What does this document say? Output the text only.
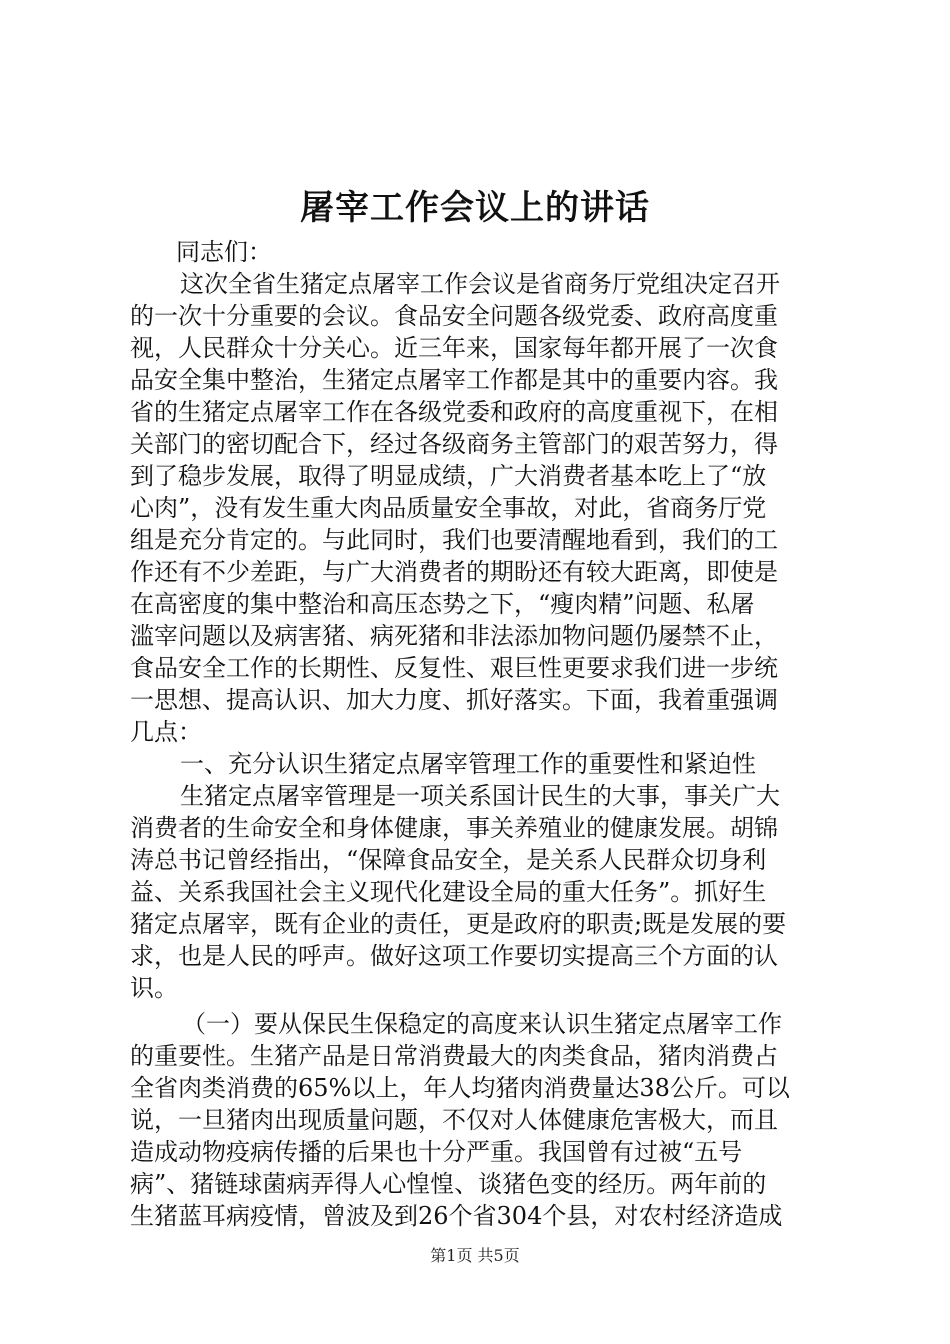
屠宰工作会议上的讲话
同志们：
这次全省生猪定点屠宰工作会议是省商务厅党组决定召开
的一次十分重要的会议。食品安全问题各级党委、政府高度重
视，人民群众十分关心。近三年来，国家每年都开展了一次食
品安全集中整治，生猪定点屠宰工作都是其中的重要内容。我
省的生猪定点屠宰工作在各级党委和政府的高度重视下，在相
关部门的密切配合下，经过各级商务主管部门的艰苦努力，得
到了稳步发展，取得了明显成绩，广大消费者基本吃上了“放
心肉”，没有发生重大肉品质量安全事故，对此，省商务厅党
组是充分肯定的。与此同时，我们也要清醒地看到，我们的工
作还有不少差距，与广大消费者的期盼还有较大距离，即使是
在高密度的集中整治和高压态势之下，“瘦肉精”问题、私屠
滥宰问题以及病害猪、病死猪和非法添加物问题仍屡禁不止，
食品安全工作的长期性、反复性、艰巨性更要求我们进一步统
一思想、提高认识、加大力度、抓好落实。下面，我着重强调
几点：
一、充分认识生猪定点屠宰管理工作的重要性和紧迫性
生猪定点屠宰管理是一项关系国计民生的大事，事关广大
消费者的生命安全和身体健康，事关养殖业的健康发展。胡锦
涛总书记曾经指出，“保障食品安全，是关系人民群众切身利
益、关系我国社会主义现代化建设全局的重大任务”。抓好生
猪定点屠宰，既有企业的责任，更是政府的职责;既是发展的要
求，也是人民的呼声。做好这项工作要切实提高三个方面的认
识。
（一）要从保民生保稳定的高度来认识生猪定点屠宰工作
的重要性。生猪产品是日常消费最大的肉类食品，猪肉消费占
全省肉类消费的65%以上，年人均猪肉消费量达38公斤。可以
说，一旦猪肉出现质量问题，不仅对人体健康危害极大，而且
造成动物疫病传播的后果也十分严重。我国曾有过被“五号
病”、猪链球菌病弄得人心惶惶、谈猪色变的经历。两年前的
生猪蓝耳病疫情，曾波及到26个省304个县，对农村经济造成
第1页 共5页
